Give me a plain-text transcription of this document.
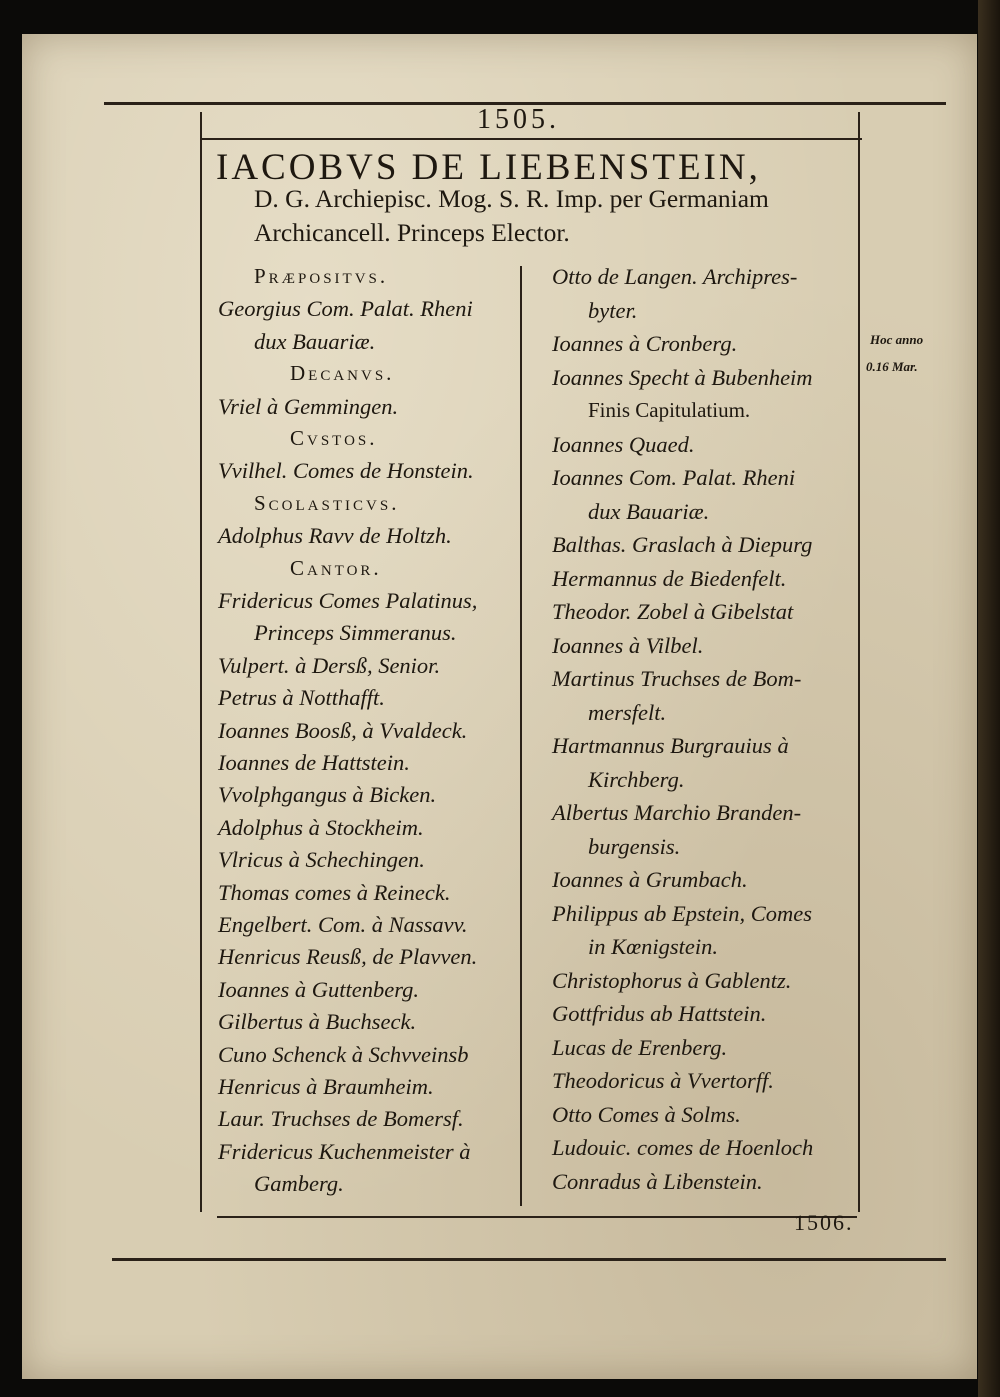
1505.
IACOBVS DE LIEBENSTEIN,
D. G. Archiepisc. Mog. S. R. Imp. per Germaniam
Archicancell. Princeps Elector.
Hoc anno
0.16 Mar.
Præpositvs.
Georgius Com. Palat. Rheni
dux Bauariæ.
Decanvs.
Vriel à Gemmingen.
Cvstos.
Vvilhel. Comes de Honstein.
Scolasticvs.
Adolphus Ravv de Holtzh.
Cantor.
Fridericus Comes Palatinus,
Princeps Simmeranus.
Vulpert. à Dersß, Senior.
Petrus à Notthafft.
Ioannes Boosß, à Vvaldeck.
Ioannes de Hattstein.
Vvolphgangus à Bicken.
Adolphus à Stockheim.
Vlricus à Schechingen.
Thomas comes à Reineck.
Engelbert. Com. à Nassavv.
Henricus Reusß, de Plavven.
Ioannes à Guttenberg.
Gilbertus à Buchseck.
Cuno Schenck à Schvveinsb
Henricus à Braumheim.
Laur. Truchses de Bomersf.
Fridericus Kuchenmeister à
Gamberg.
Otto de Langen. Archipres-
byter.
Ioannes à Cronberg.
Ioannes Specht à Bubenheim
Finis Capitulatium.
Ioannes Quaed.
Ioannes Com. Palat. Rheni
dux Bauariæ.
Balthas. Graslach à Diepurg
Hermannus de Biedenfelt.
Theodor. Zobel à Gibelstat
Ioannes à Vilbel.
Martinus Truchses de Bom-
mersfelt.
Hartmannus Burgrauius à
Kirchberg.
Albertus Marchio Branden-
burgensis.
Ioannes à Grumbach.
Philippus ab Epstein, Comes
in Kœnigstein.
Christophorus à Gablentz.
Gottfridus ab Hattstein.
Lucas de Erenberg.
Theodoricus à Vvertorff.
Otto Comes à Solms.
Ludouic. comes de Hoenloch
Conradus à Libenstein.
1506.
